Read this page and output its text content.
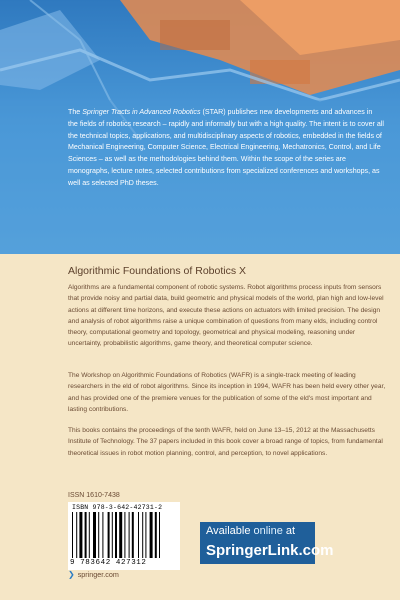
The Springer Tracts in Advanced Robotics (STAR) publishes new developments and advances in the fields of robotics research – rapidly and informally but with a high quality. The intent is to cover all the technical topics, applications, and multidisciplinary aspects of robotics, embedded in the fields of Mechanical Engineering, Computer Science, Electrical Engineering, Mechatronics, Control, and Life Sciences – as well as the methodologies behind them. Within the scope of the series are monographs, lecture notes, selected contributions from specialized conferences and workshops, as well as selected PhD theses.
Algorithmic Foundations of Robotics X
Algorithms are a fundamental component of robotic systems. Robot algorithms process inputs from sensors that provide noisy and partial data, build geometric and physical models of the world, plan high and low-level actions at different time horizons, and execute these actions on actuators with limited precision. The design and analysis of robot algorithms raise a unique combination of questions from many elds, including control theory, computational geometry and topology, geometrical and physical modeling, reasoning under uncertainty, probabilistic algorithms, game theory, and theoretical computer science.
The Workshop on Algorithmic Foundations of Robotics (WAFR) is a single-track meeting of leading researchers in the eld of robot algorithms. Since its inception in 1994, WAFR has been held every other year, and has provided one of the premiere venues for the publication of some of the eld's most important and lasting contributions.
This books contains the proceedings of the tenth WAFR, held on June 13–15, 2012 at the Massachusetts Institute of Technology. The 37 papers included in this book cover a broad range of topics, from fundamental theoretical issues in robot motion planning, control, and perception, to novel applications.
ISSN 1610-7438
ISBN 978-3-642-42731-2
9 783642 427312
Available online at
SpringerLink.com
❯ springer.com
